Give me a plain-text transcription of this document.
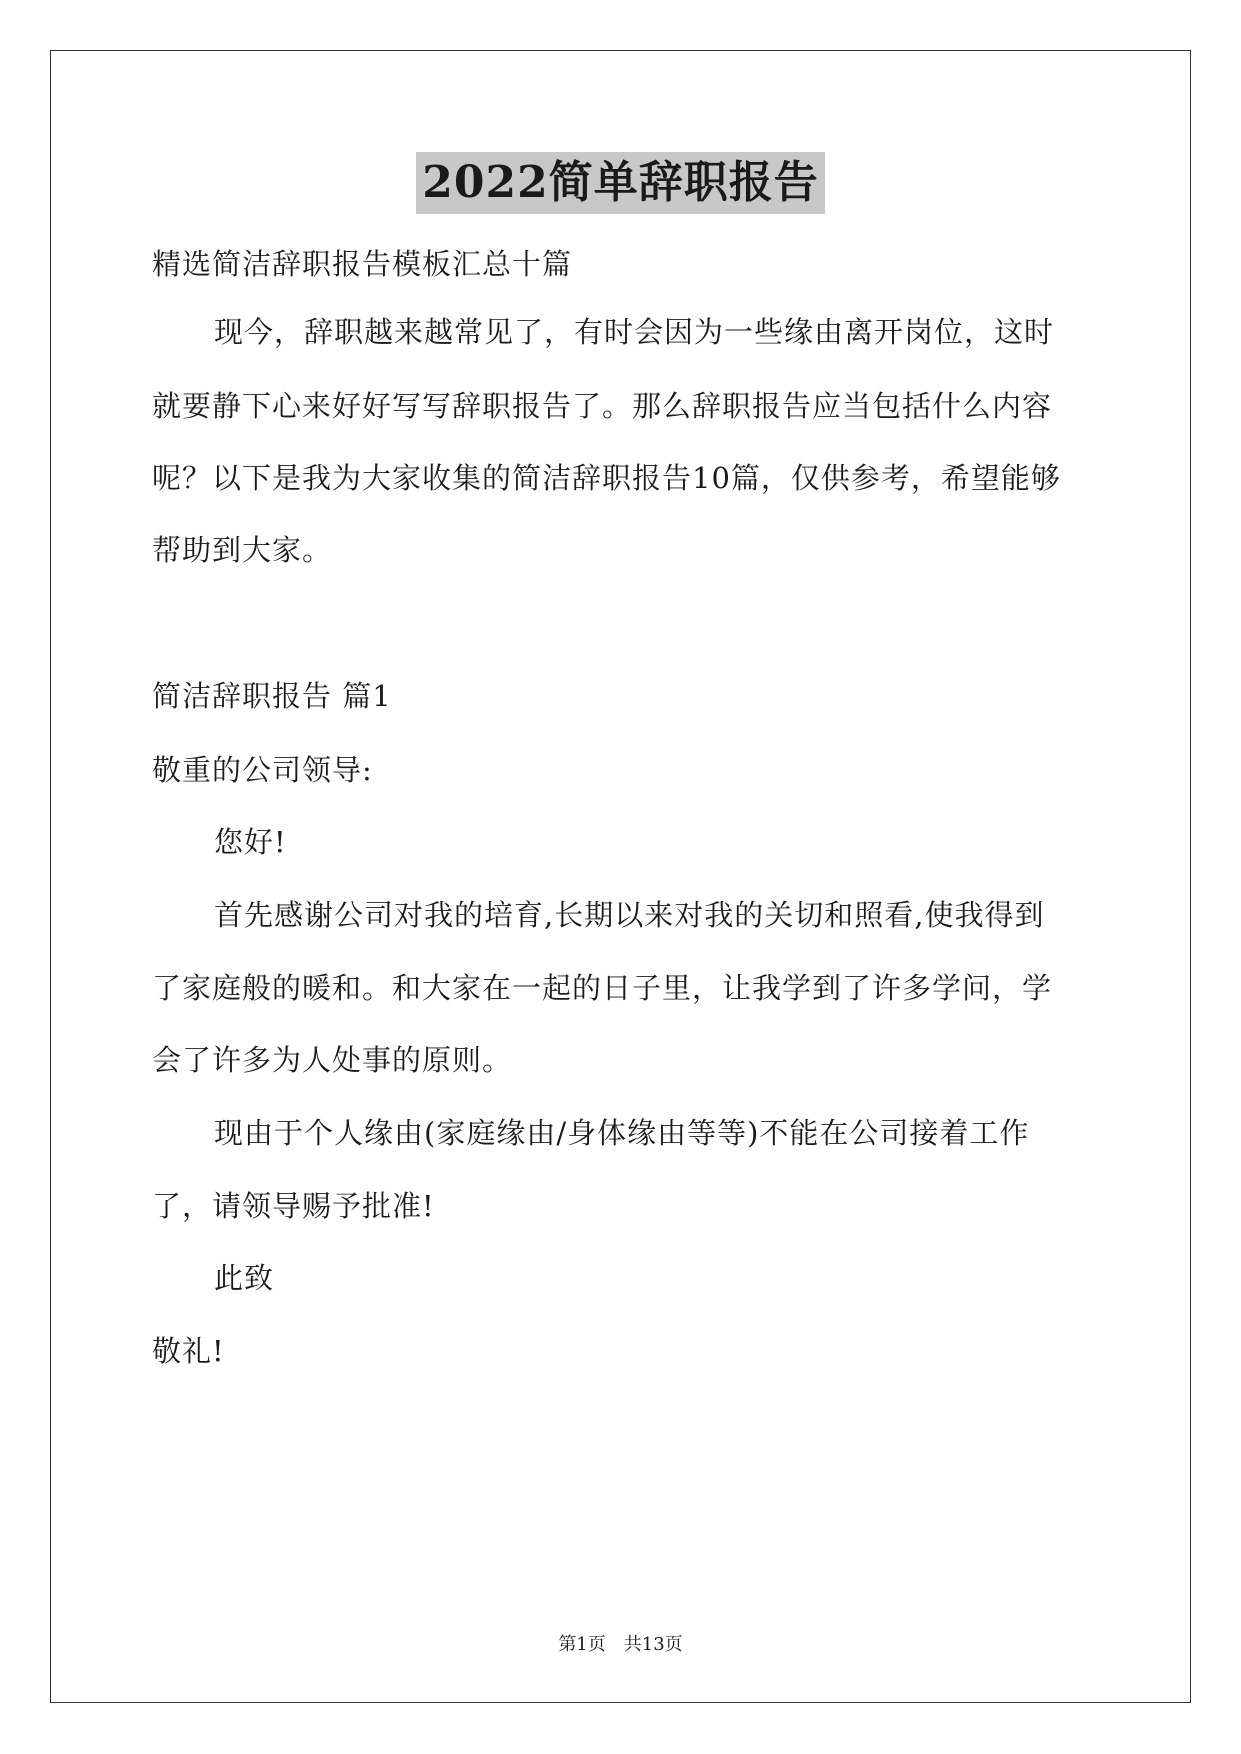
2022简单辞职报告
精选简洁辞职报告模板汇总十篇
现今，辞职越来越常见了，有时会因为一些缘由离开岗位，这时
就要静下心来好好写写辞职报告了。那么辞职报告应当包括什么内容
呢？以下是我为大家收集的简洁辞职报告10篇，仅供参考，希望能够
帮助到大家。
简洁辞职报告 篇1
敬重的公司领导:
您好!
首先感谢公司对我的培育,长期以来对我的关切和照看,使我得到
了家庭般的暖和。和大家在一起的日子里，让我学到了许多学问，学
会了许多为人处事的原则。
现由于个人缘由(家庭缘由/身体缘由等等)不能在公司接着工作
了，请领导赐予批准!
此致
敬礼!
第1页　共13页
